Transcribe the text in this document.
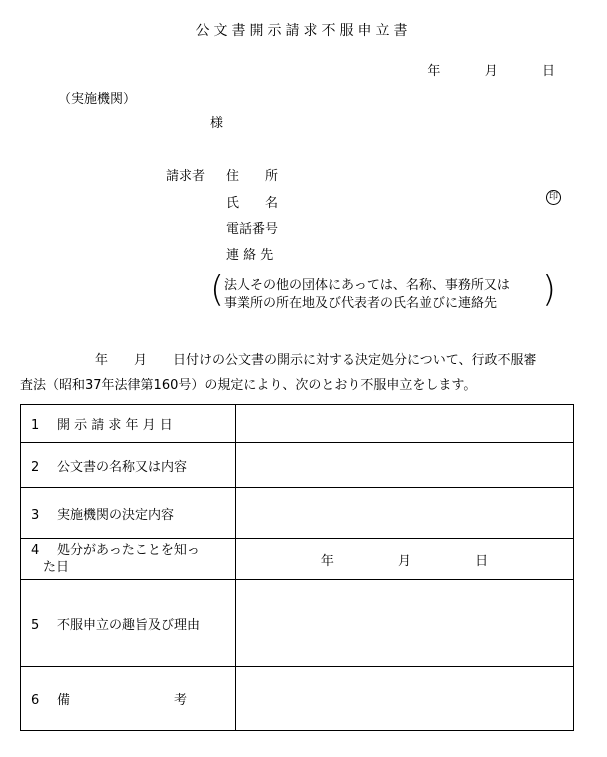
公文書開示請求不服申立書
年	月	日
（実施機関）
様
請求者 住　　所
氏　　名	印
電話番号
連 絡 先
( 法人その他の団体にあっては、名称、事務所又は
事業所の所在地及び代表者の氏名並びに連絡先 )
年　　月　　日付けの公文書の開示に対する決定処分について、行政不服審
査法（昭和37年法律第160号）の規定により、次のとおり不服申立をします。
1 開 示 請 求 年 月 日	
2 公文書の名称又は内容	
3 実施機関の決定内容	
4 処分があったことを知っ
た日	年 月 日
5 不服申立の趣旨及び理由	
6 備　　　　　　　　考	
